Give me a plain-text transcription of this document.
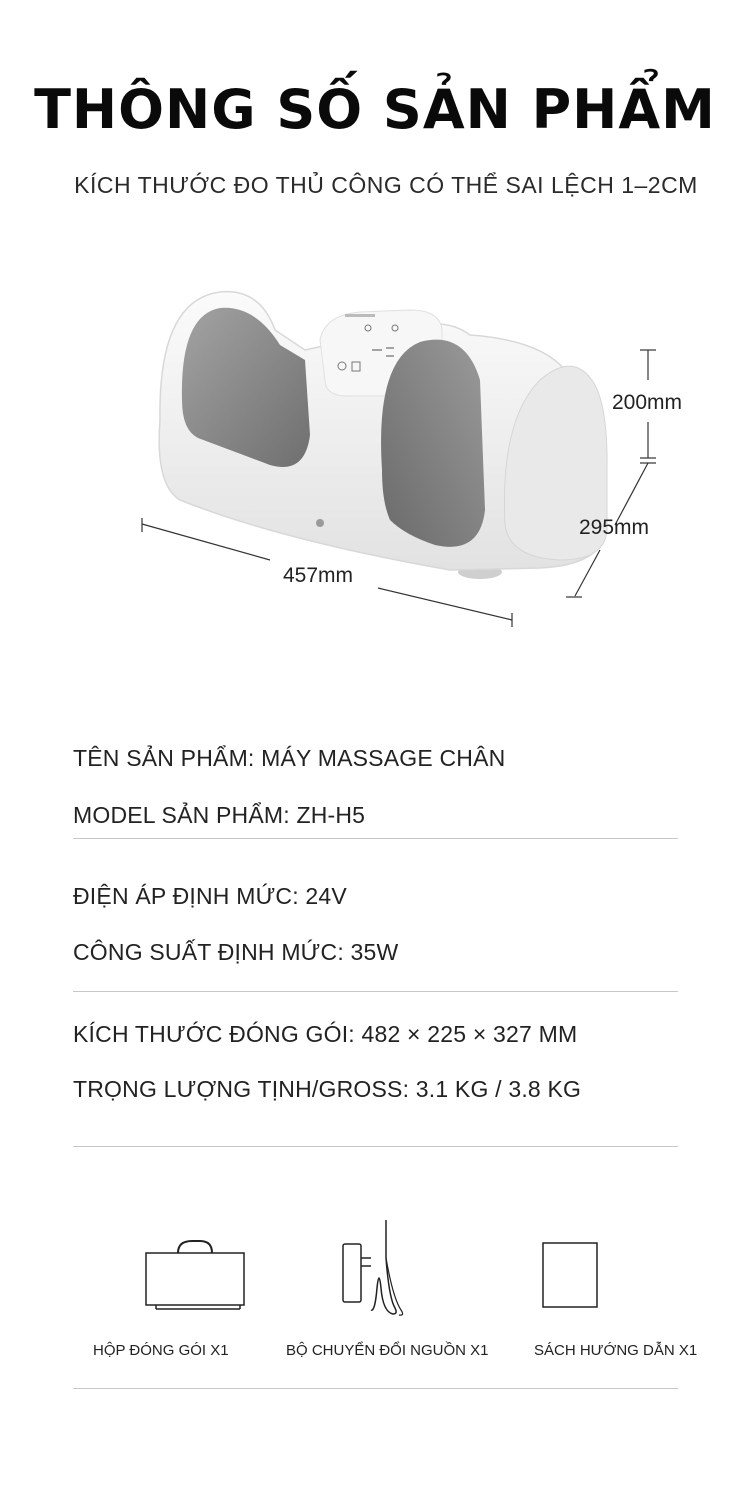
THÔNG SỐ SẢN PHẨM
KÍCH THƯỚC ĐO THỦ CÔNG CÓ THỂ SAI LỆCH 1–2CM
200mm
295mm
457mm
TÊN SẢN PHẨM: MÁY MASSAGE CHÂN
MODEL SẢN PHẨM: ZH-H5
ĐIỆN ÁP ĐỊNH MỨC: 24V
CÔNG SUẤT ĐỊNH MỨC: 35W
KÍCH THƯỚC ĐÓNG GÓI: 482 × 225 × 327 MM
TRỌNG LƯỢNG TỊNH/GROSS: 3.1 KG / 3.8 KG
HỘP ĐÓNG GÓI X1	BỘ CHUYỂN ĐỔI NGUỒN X1	SÁCH HƯỚNG DẪN X1
